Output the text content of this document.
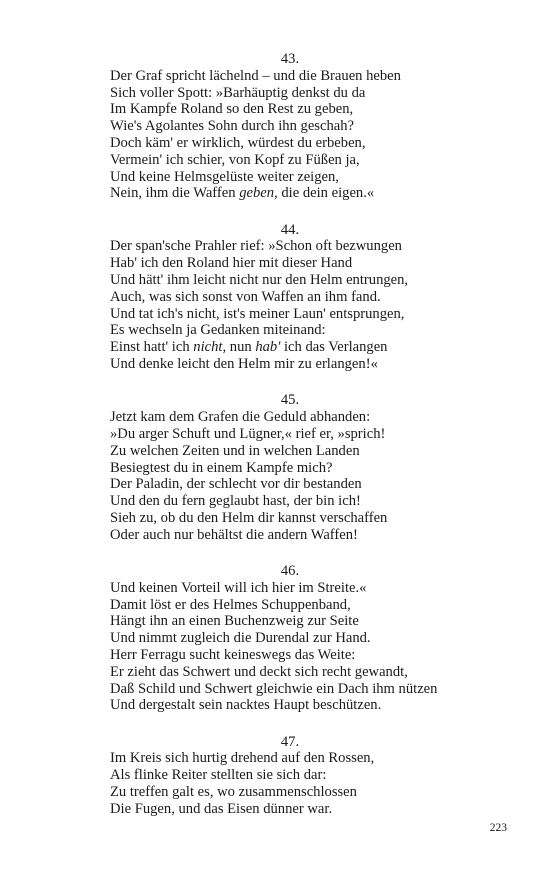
43.
Der Graf spricht lächelnd – und die Brauen heben
Sich voller Spott: »Barhäuptig denkst du da
Im Kampfe Roland so den Rest zu geben,
Wie's Agolantes Sohn durch ihn geschah?
Doch käm' er wirklich, würdest du erbeben,
Vermein' ich schier, von Kopf zu Füßen ja,
Und keine Helmsgelüste weiter zeigen,
Nein, ihm die Waffen geben, die dein eigen.«
44.
Der span'sche Prahler rief: »Schon oft bezwungen
Hab' ich den Roland hier mit dieser Hand
Und hätt' ihm leicht nicht nur den Helm entrungen,
Auch, was sich sonst von Waffen an ihm fand.
Und tat ich's nicht, ist's meiner Laun' entsprungen,
Es wechseln ja Gedanken miteinand:
Einst hatt' ich nicht, nun hab' ich das Verlangen
Und denke leicht den Helm mir zu erlangen!«
45.
Jetzt kam dem Grafen die Geduld abhanden:
»Du arger Schuft und Lügner,« rief er, »sprich!
Zu welchen Zeiten und in welchen Landen
Besiegtest du in einem Kampfe mich?
Der Paladin, der schlecht vor dir bestanden
Und den du fern geglaubt hast, der bin ich!
Sieh zu, ob du den Helm dir kannst verschaffen
Oder auch nur behältst die andern Waffen!
46.
Und keinen Vorteil will ich hier im Streite.«
Damit löst er des Helmes Schuppenband,
Hängt ihn an einen Buchenzweig zur Seite
Und nimmt zugleich die Durendal zur Hand.
Herr Ferragu sucht keineswegs das Weite:
Er zieht das Schwert und deckt sich recht gewandt,
Daß Schild und Schwert gleichwie ein Dach ihm nützen
Und dergestalt sein nacktes Haupt beschützen.
47.
Im Kreis sich hurtig drehend auf den Rossen,
Als flinke Reiter stellten sie sich dar:
Zu treffen galt es, wo zusammenschlossen
Die Fugen, und das Eisen dünner war.
223
